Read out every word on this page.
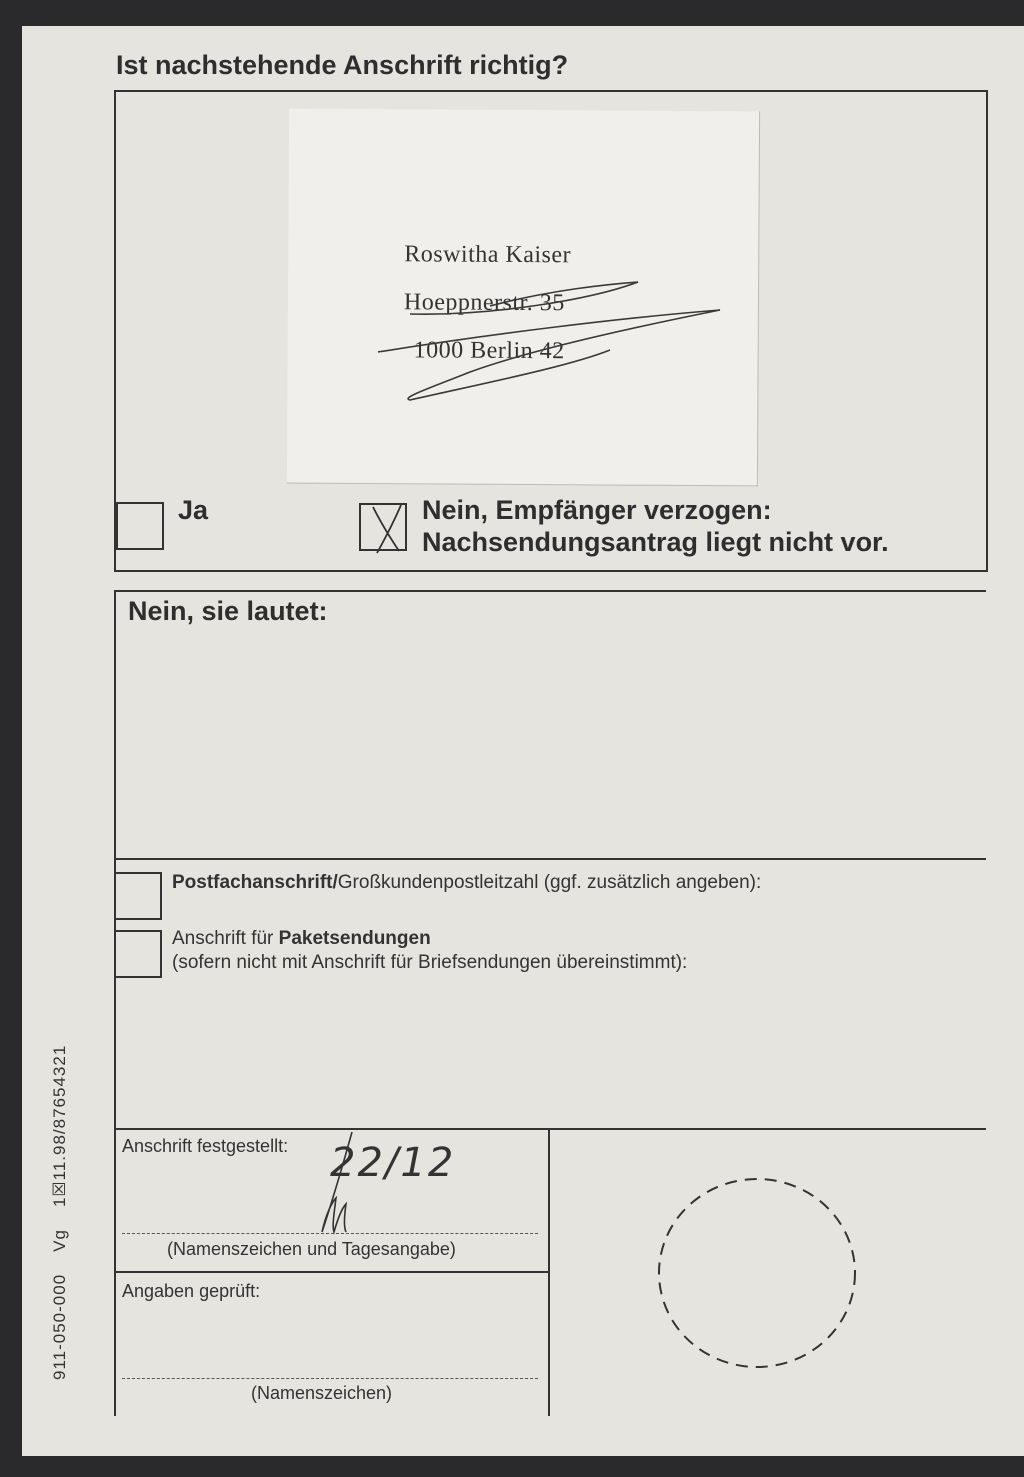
Ist nachstehende Anschrift richtig?
Roswitha Kaiser
Hoeppnerstr. 35
1000 Berlin 42
Ja	Nein, Empfänger verzogen:
Nachsendungsantrag liegt nicht vor.
Nein, sie lautet:
Postfachanschrift/Großkundenpostleitzahl (ggf. zusätzlich angeben):
Anschrift für Paketsendungen
(sofern nicht mit Anschrift für Briefsendungen übereinstimmt):
Anschrift festgestellt: 22/12
(Namenszeichen und Tagesangabe)
Angaben geprüft:
(Namenszeichen)
911-050-000Vg1☒11.98/87654321
